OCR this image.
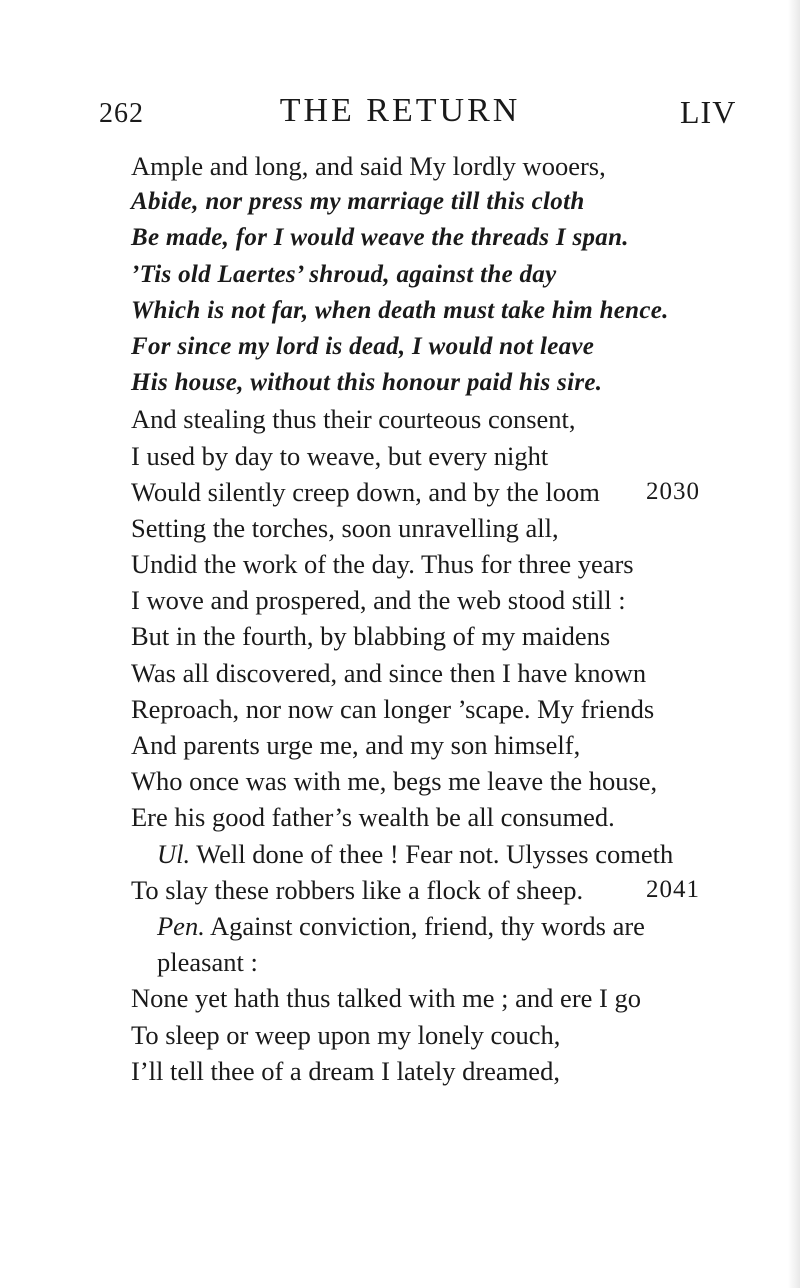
262	THE RETURN	LIV
Ample and long, and said My lordly wooers,
Abide, nor press my marriage till this cloth
Be made, for I would weave the threads I span.
’Tis old Laertes’ shroud, against the day
Which is not far, when death must take him hence.
For since my lord is dead, I would not leave
His house, without this honour paid his sire.
And stealing thus their courteous consent,
I used by day to weave, but every night
Would silently creep down, and by the loom 2030
Setting the torches, soon unravelling all,
Undid the work of the day. Thus for three years
I wove and prospered, and the web stood still :
But in the fourth, by blabbing of my maidens
Was all discovered, and since then I have known
Reproach, nor now can longer ’scape. My friends
And parents urge me, and my son himself,
Who once was with me, begs me leave the house,
Ere his good father’s wealth be all consumed.
Ul. Well done of thee ! Fear not. Ulysses cometh
To slay these robbers like a flock of sheep.	2041
Pen. Against conviction, friend, thy words are
pleasant :
None yet hath thus talked with me ; and ere I go
To sleep or weep upon my lonely couch,
I’ll tell thee of a dream I lately dreamed,
